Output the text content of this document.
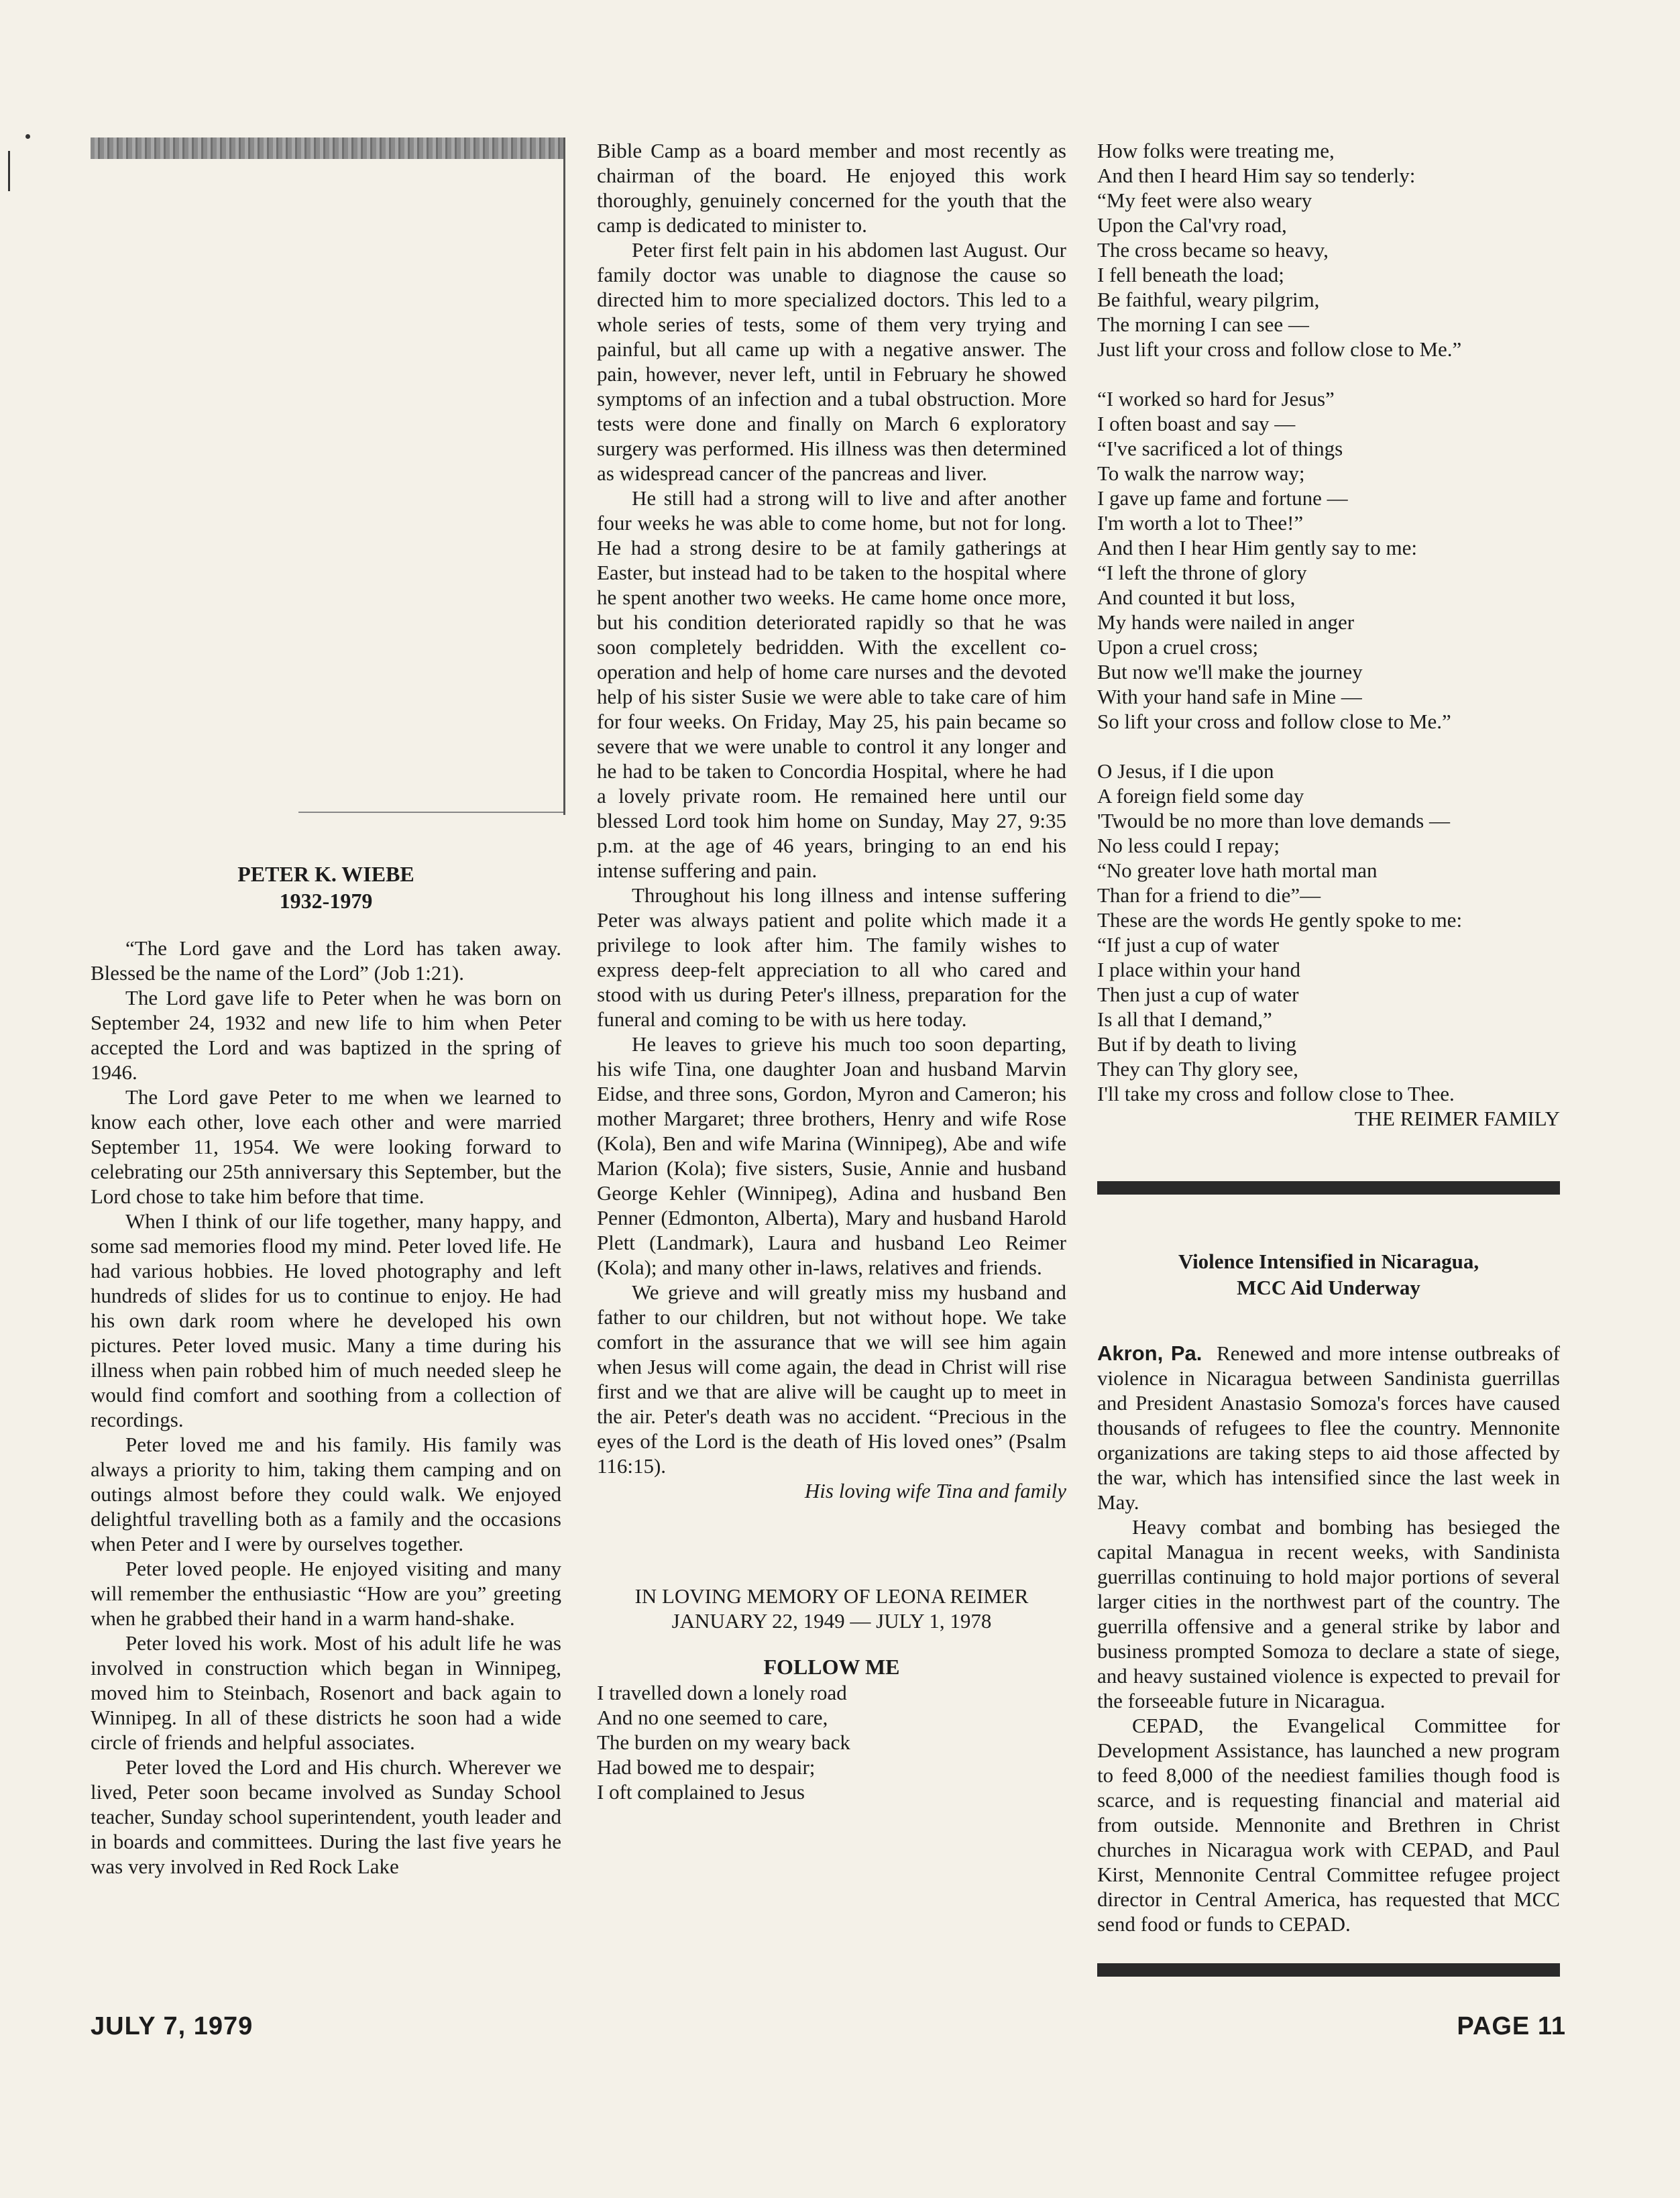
PETER K. WIEBE
1932-1979

“The Lord gave and the Lord has taken away. Blessed be the name of the Lord” (Job 1:21).

The Lord gave life to Peter when he was born on September 24, 1932 and new life to him when Peter accepted the Lord and was baptized in the spring of 1946.

The Lord gave Peter to me when we learned to know each other, love each other and were married September 11, 1954. We were looking forward to celebrating our 25th anniversary this September, but the Lord chose to take him before that time.

When I think of our life together, many happy, and some sad memories flood my mind. Peter loved life. He had various hobbies. He loved photography and left hundreds of slides for us to continue to enjoy. He had his own dark room where he developed his own pictures. Peter loved music. Many a time during his illness when pain robbed him of much needed sleep he would find comfort and soothing from a collection of recordings.

Peter loved me and his family. His family was always a priority to him, taking them camping and on outings almost before they could walk. We enjoyed delightful travelling both as a family and the occasions when Peter and I were by ourselves together.

Peter loved people. He enjoyed visiting and many will remember the enthusiastic “How are you” greeting when he grabbed their hand in a warm hand-shake.

Peter loved his work. Most of his adult life he was involved in construction which began in Winnipeg, moved him to Steinbach, Rosenort and back again to Winnipeg. In all of these districts he soon had a wide circle of friends and helpful associates.

Peter loved the Lord and His church. Wherever we lived, Peter soon became involved as Sunday School teacher, Sunday school superintendent, youth leader and in boards and committees. During the last five years he was very involved in Red Rock Lake

Bible Camp as a board member and most recently as chairman of the board. He enjoyed this work thoroughly, genuinely concerned for the youth that the camp is dedicated to minister to.

Peter first felt pain in his abdomen last August. Our family doctor was unable to diagnose the cause so directed him to more specialized doctors. This led to a whole series of tests, some of them very trying and painful, but all came up with a negative answer. The pain, however, never left, until in February he showed symptoms of an infection and a tubal obstruction. More tests were done and finally on March 6 exploratory surgery was performed. His illness was then determined as widespread cancer of the pancreas and liver.

He still had a strong will to live and after another four weeks he was able to come home, but not for long. He had a strong desire to be at family gatherings at Easter, but instead had to be taken to the hospital where he spent another two weeks. He came home once more, but his condition deteriorated rapidly so that he was soon completely bedridden. With the excellent co-operation and help of home care nurses and the devoted help of his sister Susie we were able to take care of him for four weeks. On Friday, May 25, his pain became so severe that we were unable to control it any longer and he had to be taken to Concordia Hospital, where he had a lovely private room. He remained here until our blessed Lord took him home on Sunday, May 27, 9:35 p.m. at the age of 46 years, bringing to an end his intense suffering and pain.

Throughout his long illness and intense suffering Peter was always patient and polite which made it a privilege to look after him. The family wishes to express deep-felt appreciation to all who cared and stood with us during Peter's illness, preparation for the funeral and coming to be with us here today.

He leaves to grieve his much too soon departing, his wife Tina, one daughter Joan and husband Marvin Eidse, and three sons, Gordon, Myron and Cameron; his mother Margaret; three brothers, Henry and wife Rose (Kola), Ben and wife Marina (Winnipeg), Abe and wife Marion (Kola); five sisters, Susie, Annie and husband George Kehler (Winnipeg), Adina and husband Ben Penner (Edmonton, Alberta), Mary and husband Harold Plett (Landmark), Laura and husband Leo Reimer (Kola); and many other in-laws, relatives and friends.

We grieve and will greatly miss my husband and father to our children, but not without hope. We take comfort in the assurance that we will see him again when Jesus will come again, the dead in Christ will rise first and we that are alive will be caught up to meet in the air. Peter's death was no accident. “Precious in the eyes of the Lord is the death of His loved ones” (Psalm 116:15).

His loving wife Tina and family
IN LOVING MEMORY OF LEONA REIMER
JANUARY 22, 1949 — JULY 1, 1978
FOLLOW ME
I travelled down a lonely road
And no one seemed to care,
The burden on my weary back
Had bowed me to despair;
I oft complained to Jesus
How folks were treating me,
And then I heard Him say so tenderly:
“My feet were also weary
Upon the Cal'vry road,
The cross became so heavy,
I fell beneath the load;
Be faithful, weary pilgrim,
The morning I can see —
Just lift your cross and follow close to Me.”
“I worked so hard for Jesus”
I often boast and say —
“I've sacrificed a lot of things
To walk the narrow way;
I gave up fame and fortune —
I'm worth a lot to Thee!”
And then I hear Him gently say to me:
“I left the throne of glory
And counted it but loss,
My hands were nailed in anger
Upon a cruel cross;
But now we'll make the journey
With your hand safe in Mine —
So lift your cross and follow close to Me.”
O Jesus, if I die upon
A foreign field some day
'Twould be no more than love demands —
No less could I repay;
“No greater love hath mortal man
Than for a friend to die”—
These are the words He gently spoke to me:
“If just a cup of water
I place within your hand
Then just a cup of water
Is all that I demand,”
But if by death to living
They can Thy glory see,
I'll take my cross and follow close to Thee.
THE REIMER FAMILY
Violence Intensified in Nicaragua,
MCC Aid Underway

Akron, Pa. Renewed and more intense outbreaks of violence in Nicaragua between Sandinista guerrillas and President Anastasio Somoza's forces have caused thousands of refugees to flee the country. Mennonite organizations are taking steps to aid those affected by the war, which has intensified since the last week in May.

Heavy combat and bombing has besieged the capital Managua in recent weeks, with Sandinista guerrillas continuing to hold major portions of several larger cities in the northwest part of the country. The guerrilla offensive and a general strike by labor and business prompted Somoza to declare a state of siege, and heavy sustained violence is expected to prevail for the forseeable future in Nicaragua.

CEPAD, the Evangelical Committee for Development Assistance, has launched a new program to feed 8,000 of the neediest families though food is scarce, and is requesting financial and material aid from outside. Mennonite and Brethren in Christ churches in Nicaragua work with CEPAD, and Paul Kirst, Mennonite Central Committee refugee project director in Central America, has requested that MCC send food or funds to CEPAD.

JULY 7, 1979	PAGE 11
